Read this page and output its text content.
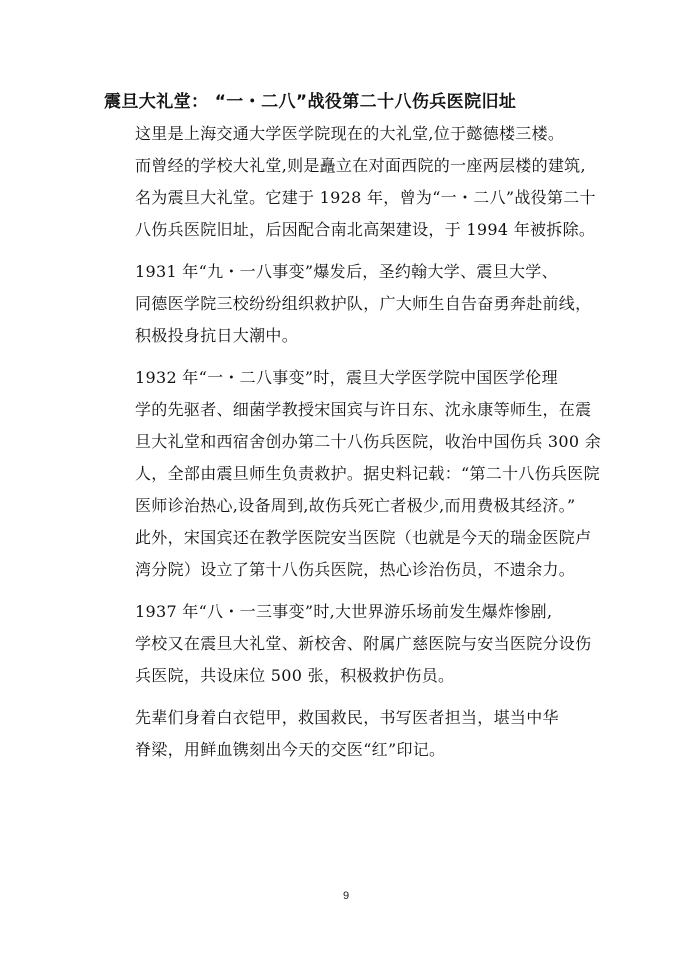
震旦大礼堂： “一・二八”战役第二十八伤兵医院旧址

这里是上海交通大学医学院现在的大礼堂,位于懿德楼三楼。
而曾经的学校大礼堂,则是矗立在对面西院的一座两层楼的建筑,
名为震旦大礼堂。它建于 1928 年，曾为“一・二八”战役第二十
八伤兵医院旧址，后因配合南北高架建设，于 1994 年被拆除。

1931 年“九・一八事变”爆发后，圣约翰大学、震旦大学、
同德医学院三校纷纷组织救护队，广大师生自告奋勇奔赴前线，
积极投身抗日大潮中。

1932 年“一・二八事变”时，震旦大学医学院中国医学伦理
学的先驱者、细菌学教授宋国宾与许日东、沈永康等师生，在震
旦大礼堂和西宿舍创办第二十八伤兵医院，收治中国伤兵 300 余
人，全部由震旦师生负责救护。据史料记载：“第二十八伤兵医院
医师诊治热心,设备周到,故伤兵死亡者极少,而用费极其经济。”
此外，宋国宾还在教学医院安当医院（也就是今天的瑞金医院卢
湾分院）设立了第十八伤兵医院，热心诊治伤员，不遗余力。

1937 年“八・一三事变”时,大世界游乐场前发生爆炸惨剧,
学校又在震旦大礼堂、新校舍、附属广慈医院与安当医院分设伤
兵医院，共设床位 500 张，积极救护伤员。

先辈们身着白衣铠甲，救国救民，书写医者担当，堪当中华
脊梁，用鲜血镌刻出今天的交医“红”印记。

9
